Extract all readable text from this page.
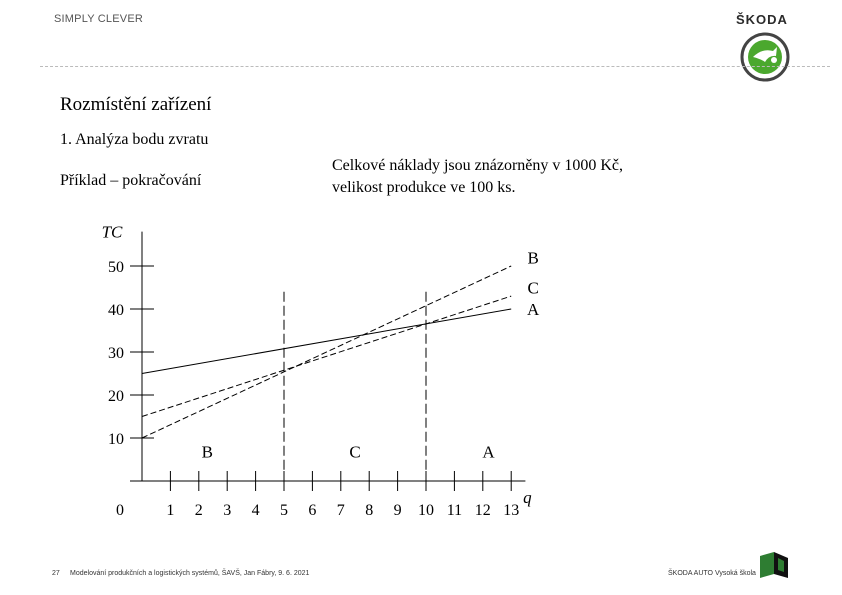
SIMPLY CLEVER	ŠKODA
Rozmístění zařízení
1. Analýza bodu zvratu
Příklad – pokračování
Celkové náklady jsou znázorněny v 1000 Kč,
velikost produkce ve 100 ks.
TC
q
10
20
30
40
50
0	1 2 3 4 5 6 7 8 9 10 11 12 13
A
B
C
B	C	A
27 Modelování produkčních a logistických systémů, ŠAVŠ, Jan Fábry, 9. 6. 2021	ŠKODA AUTO Vysoká škola
